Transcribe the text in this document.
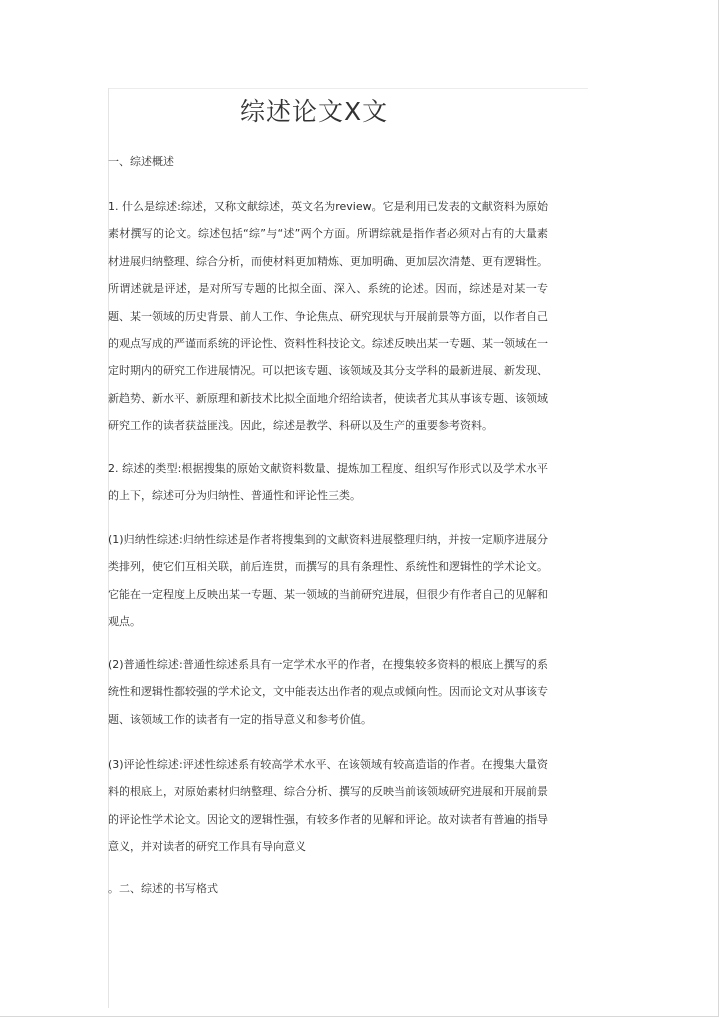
综述论文X文
一、综述概述

1. 什么是综述:综述，又称文献综述，英文名为review。它是利用已发表的文献资料为原始素材撰写的论文。综述包括“综”与“述”两个方面。所谓综就是指作者必须对占有的大量素材进展归纳整理、综合分析，而使材料更加精炼、更加明确、更加层次清楚、更有逻辑性。所谓述就是评述，是对所写专题的比拟全面、深入、系统的论述。因而，综述是对某一专题、某一领域的历史背景、前人工作、争论焦点、研究现状与开展前景等方面，以作者自己的观点写成的严谨而系统的评论性、资料性科技论文。综述反映出某一专题、某一领域在一定时期内的研究工作进展情况。可以把该专题、该领域及其分支学科的最新进展、新发现、新趋势、新水平、新原理和新技术比拟全面地介绍给读者，使读者尤其从事该专题、该领域研究工作的读者获益匪浅。因此，综述是教学、科研以及生产的重要参考资料。

2. 综述的类型:根据搜集的原始文献资料数量、提炼加工程度、组织写作形式以及学术水平的上下，综述可分为归纳性、普通性和评论性三类。

(1)归纳性综述:归纳性综述是作者将搜集到的文献资料进展整理归纳，并按一定顺序进展分类排列，使它们互相关联，前后连贯，而撰写的具有条理性、系统性和逻辑性的学术论文。它能在一定程度上反映出某一专题、某一领域的当前研究进展，但很少有作者自己的见解和观点。

(2)普通性综述:普通性综述系具有一定学术水平的作者，在搜集较多资料的根底上撰写的系统性和逻辑性都较强的学术论文，文中能表达出作者的观点或倾向性。因而论文对从事该专题、该领域工作的读者有一定的指导意义和参考价值。

(3)评论性综述:评述性综述系有较高学术水平、在该领域有较高造诣的作者。在搜集大量资料的根底上，对原始素材归纳整理、综合分析、撰写的反映当前该领域研究进展和开展前景的评论性学术论文。因论文的逻辑性强，有较多作者的见解和评论。故对读者有普遍的指导意义，并对读者的研究工作具有导向意义

。二、综述的书写格式
